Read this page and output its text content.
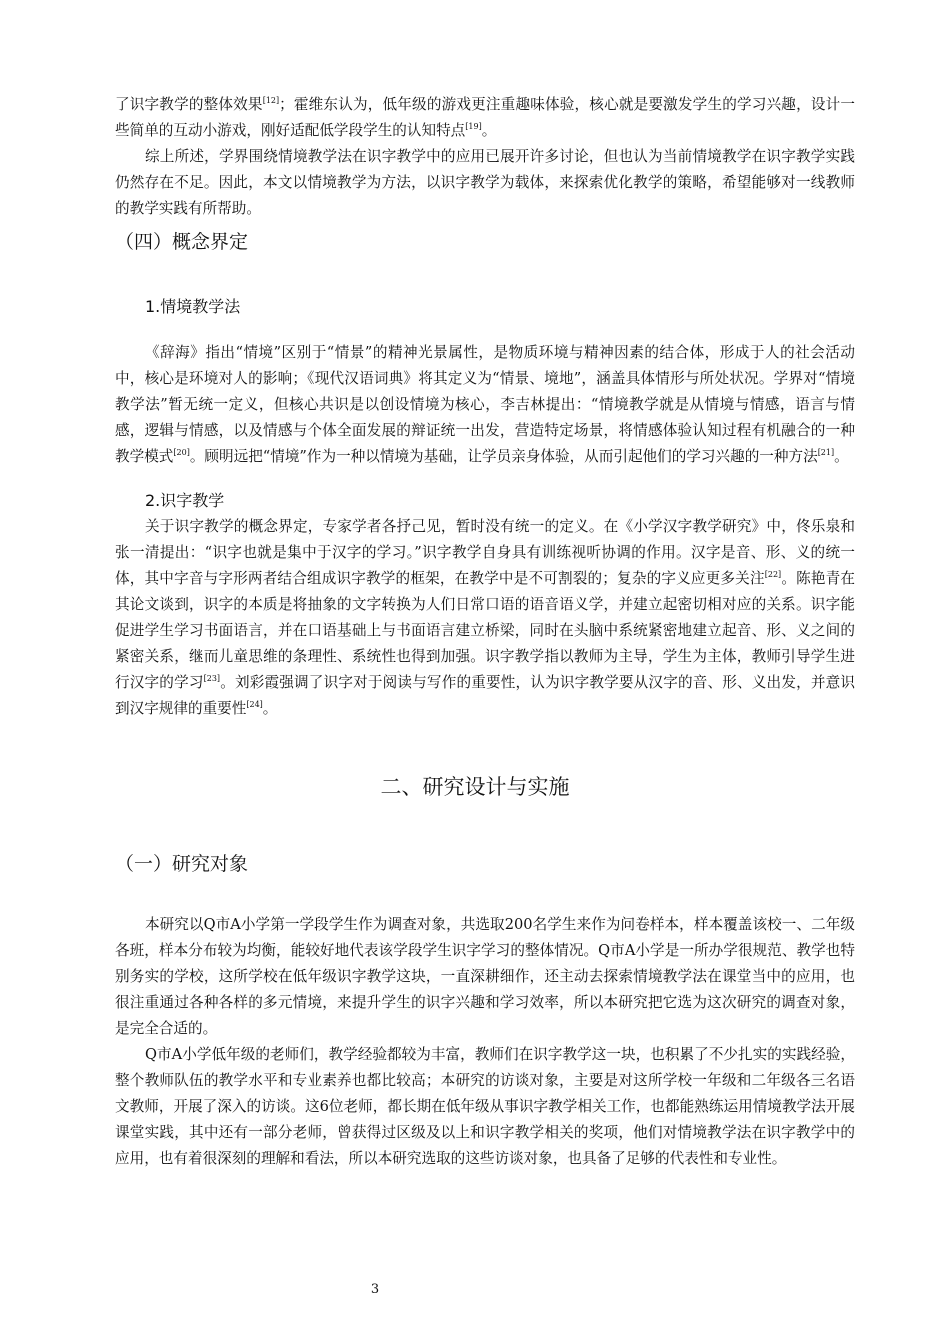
了识字教学的整体效果[12]；霍维东认为，低年级的游戏更注重趣味体验，核心就是要激发学生的学习兴趣，设计一些简单的互动小游戏，刚好适配低学段学生的认知特点[19]。

综上所述，学界围绕情境教学法在识字教学中的应用已展开许多讨论，但也认为当前情境教学在识字教学实践仍然存在不足。因此，本文以情境教学为方法，以识字教学为载体，来探索优化教学的策略，希望能够对一线教师的教学实践有所帮助。

（四）概念界定
1.情境教学法

《辞海》指出“情境”区别于“情景”的精神光景属性，是物质环境与精神因素的结合体，形成于人的社会活动中，核心是环境对人的影响；《现代汉语词典》将其定义为“情景、境地”，涵盖具体情形与所处状况。学界对“情境教学法”暂无统一定义，但核心共识是以创设情境为核心，李吉林提出：“情境教学就是从情境与情感，语言与情感，逻辑与情感，以及情感与个体全面发展的辩证统一出发，营造特定场景，将情感体验认知过程有机融合的一种教学模式[20]。顾明远把“情境”作为一种以情境为基础，让学员亲身体验，从而引起他们的学习兴趣的一种方法[21]。

2.识字教学

关于识字教学的概念界定，专家学者各抒己见，暂时没有统一的定义。在《小学汉字教学研究》中，佟乐泉和张一清提出：“识字也就是集中于汉字的学习。”识字教学自身具有训练视听协调的作用。汉字是音、形、义的统一体，其中字音与字形两者结合组成识字教学的框架，在教学中是不可割裂的；复杂的字义应更多关注[22]。陈艳青在其论文谈到，识字的本质是将抽象的文字转换为人们日常口语的语音语义学，并建立起密切相对应的关系。识字能促进学生学习书面语言，并在口语基础上与书面语言建立桥梁，同时在头脑中系统紧密地建立起音、形、义之间的紧密关系，继而儿童思维的条理性、系统性也得到加强。识字教学指以教师为主导，学生为主体，教师引导学生进行汉字的学习[23]。刘彩霞强调了识字对于阅读与写作的重要性，认为识字教学要从汉字的音、形、义出发，并意识到汉字规律的重要性[24]。

二、研究设计与实施
（一）研究对象

本研究以Q市A小学第一学段学生作为调查对象，共选取200名学生来作为问卷样本，样本覆盖该校一、二年级各班，样本分布较为均衡，能较好地代表该学段学生识字学习的整体情况。Q市A小学是一所办学很规范、教学也特别务实的学校，这所学校在低年级识字教学这块，一直深耕细作，还主动去探索情境教学法在课堂当中的应用，也很注重通过各种各样的多元情境，来提升学生的识字兴趣和学习效率，所以本研究把它选为这次研究的调查对象，是完全合适的。

Q市A小学低年级的老师们，教学经验都较为丰富，教师们在识字教学这一块，也积累了不少扎实的实践经验，整个教师队伍的教学水平和专业素养也都比较高；本研究的访谈对象，主要是对这所学校一年级和二年级各三名语文教师，开展了深入的访谈。这6位老师，都长期在低年级从事识字教学相关工作，也都能熟练运用情境教学法开展课堂实践，其中还有一部分老师，曾获得过区级及以上和识字教学相关的奖项，他们对情境教学法在识字教学中的应用，也有着很深刻的理解和看法，所以本研究选取的这些访谈对象，也具备了足够的代表性和专业性。

3
